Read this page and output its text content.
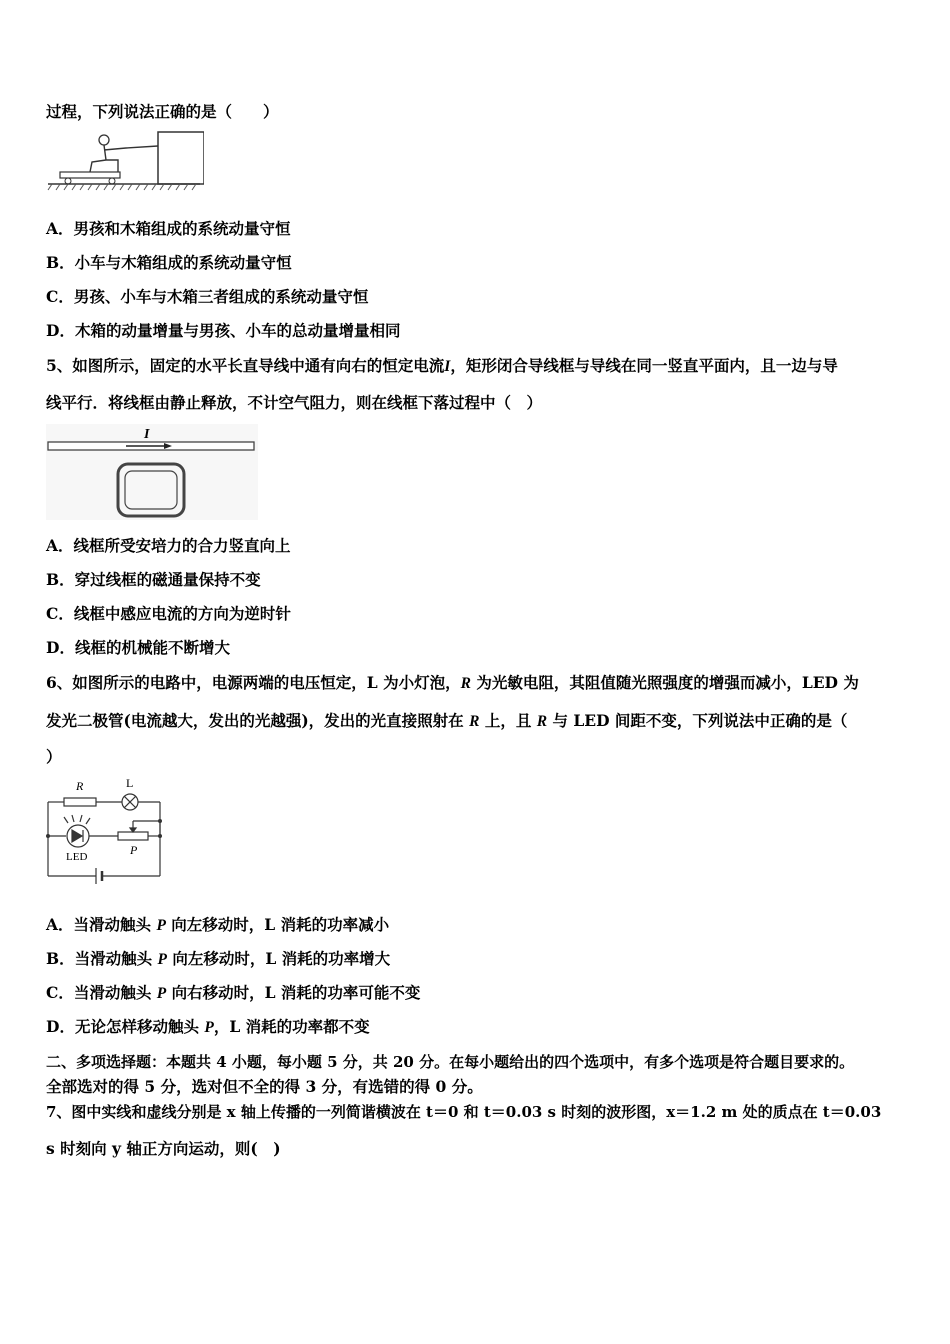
过程，下列说法正确的是（　　）
A．男孩和木箱组成的系统动量守恒
B．小车与木箱组成的系统动量守恒
C．男孩、小车与木箱三者组成的系统动量守恒
D．木箱的动量增量与男孩、小车的总动量增量相同
5、如图所示，固定的水平长直导线中通有向右的恒定电流I，矩形闭合导线框与导线在同一竖直平面内，且一边与导
线平行．将线框由静止释放，不计空气阻力，则在线框下落过程中（　）
I
A．线框所受安培力的合力竖直向上
B．穿过线框的磁通量保持不变
C．线框中感应电流的方向为逆时针
D．线框的机械能不断增大
6、如图所示的电路中，电源两端的电压恒定，L 为小灯泡，R 为光敏电阻，其阻值随光照强度的增强而减小，LED 为
发光二极管(电流越大，发出的光越强)，发出的光直接照射在 R 上，且 R 与 LED 间距不变，下列说法中正确的是（
）
R	L
LED	P
A．当滑动触头 P 向左移动时，L 消耗的功率减小
B．当滑动触头 P 向左移动时，L 消耗的功率增大
C．当滑动触头 P 向右移动时，L 消耗的功率可能不变
D．无论怎样移动触头 P，L 消耗的功率都不变
二、多项选择题：本题共 4 小题，每小题 5 分，共 20 分。在每小题给出的四个选项中，有多个选项是符合题目要求的。
全部选对的得 5 分，选对但不全的得 3 分，有选错的得 0 分。
7、图中实线和虚线分别是 x 轴上传播的一列简谐横波在 t＝0 和 t＝0.03 s 时刻的波形图，x＝1.2 m 处的质点在 t＝0.03
s 时刻向 y 轴正方向运动，则(　)
